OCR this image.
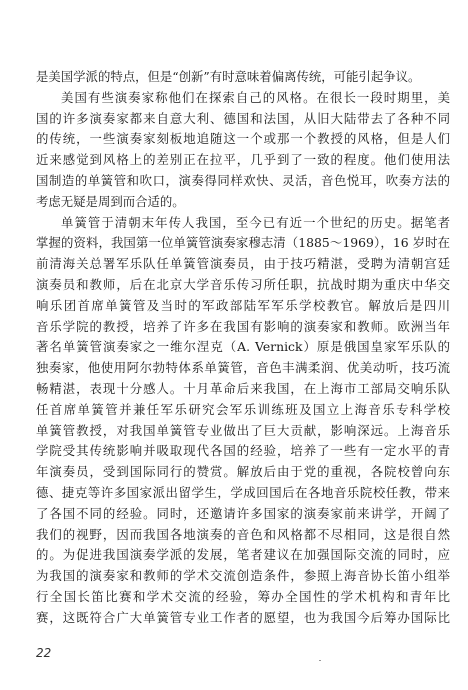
是美国学派的特点，但是“创新”有时意味着偏离传统，可能引起争议。
美国有些演奏家称他们在探索自己的风格。在很长一段时期里，美
国的许多演奏家都来自意大利、德国和法国，从旧大陆带去了各种不同
的传统，一些演奏家刻板地追随这一个或那一个教授的风格，但是人们
近来感觉到风格上的差别正在拉平，几乎到了一致的程度。他们使用法
国制造的单簧管和吹口，演奏得同样欢快、灵活，音色悦耳，吹奏方法的
考虑无疑是周到而合适的。
单簧管于清朝末年传人我国，至今已有近一个世纪的历史。据笔者
掌握的资料，我国第一位单簧管演奏家穆志清（1885～1969），16 岁时在
前清海关总署军乐队任单簧管演奏员，由于技巧精湛，受聘为清朝宫廷
演奏员和教师，后在北京大学音乐传习所任职，抗战时期为重庆中华交
响乐团首席单簧管及当时的军政部陆军军乐学校教官。解放后是四川
音乐学院的教授，培养了许多在我国有影响的演奏家和教师。欧洲当年
著名单簧管演奏家之一维尔涅克（A. Vernick）原是俄国皇家军乐队的
独奏家，他使用阿尔勃特体系单簧管，音色丰满柔润、优美动听，技巧流
畅精湛，表现十分感人。十月革命后来我国，在上海市工部局交响乐队
任首席单簧管并兼任军乐研究会军乐训练班及国立上海音乐专科学校
单簧管教授，对我国单簧管专业做出了巨大贡献，影响深远。上海音乐
学院受其传统影响并吸取现代各国的经验，培养了一些有一定水平的青
年演奏员，受到国际同行的赞赏。解放后由于党的重视，各院校曾向东
德、捷克等许多国家派出留学生，学成回国后在各地音乐院校任教，带来
了各国不同的经验。同时，还邀请许多国家的演奏家前来讲学，开阔了
我们的视野，因而我国各地演奏的音色和风格都不尽相同，这是很自然
的。为促进我国演奏学派的发展，笔者建议在加强国际交流的同时，应
为我国的演奏家和教师的学术交流创造条件，参照上海音协长笛小组举
行全国长笛比赛和学术交流的经验，筹办全国性的学术机构和青年比
赛，这既符合广大单簧管专业工作者的愿望，也为我国今后筹办国际比
22
